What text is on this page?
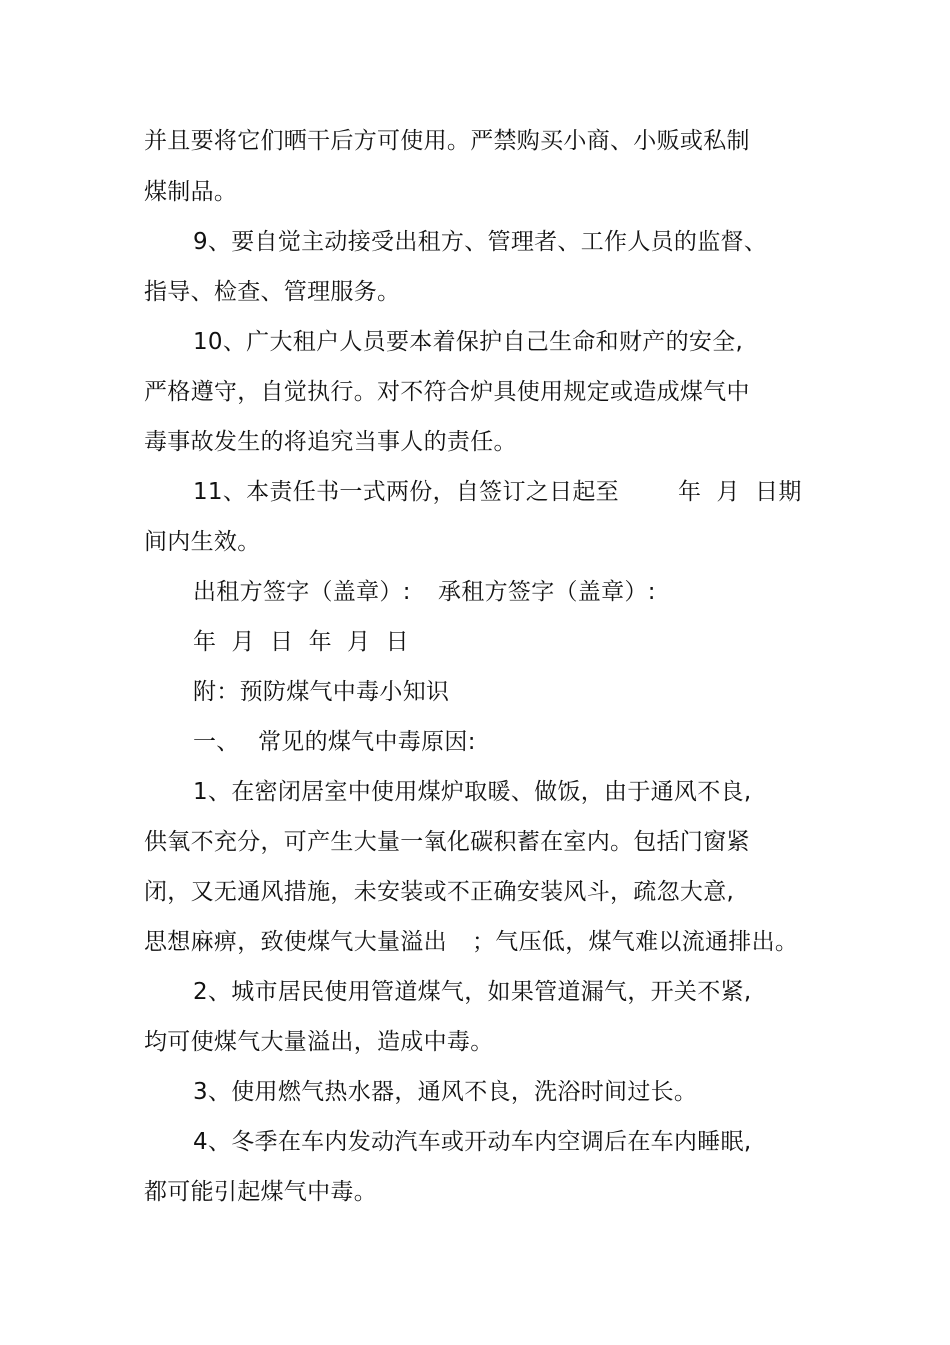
并且要将它们晒干后方可使用。严禁购买小商、小贩或私制
煤制品。
9、要自觉主动接受出租方、管理者、工作人员的监督、
指导、检查、管理服务。
10、广大租户人员要本着保护自己生命和财产的安全,
严格遵守，自觉执行。对不符合炉具使用规定或造成煤气中
毒事故发生的将追究当事人的责任。
11、本责任书一式两份，自签订之日起至	年  月  日期
间内生效。
出租方签字（盖章）: 承租方签字（盖章）:
年  月  日  年  月  日
附：预防煤气中毒小知识
一、 常见的煤气中毒原因:
1、在密闭居室中使用煤炉取暖、做饭，由于通风不良,
供氧不充分，可产生大量一氧化碳积蓄在室内。包括门窗紧
闭，又无通风措施，未安装或不正确安装风斗，疏忽大意,
思想麻痹，致使煤气大量溢出 ；气压低，煤气难以流通排出。
2、城市居民使用管道煤气，如果管道漏气，开关不紧,
均可使煤气大量溢出，造成中毒。
3、使用燃气热水器，通风不良，洗浴时间过长。
4、冬季在车内发动汽车或开动车内空调后在车内睡眠,
都可能引起煤气中毒。
